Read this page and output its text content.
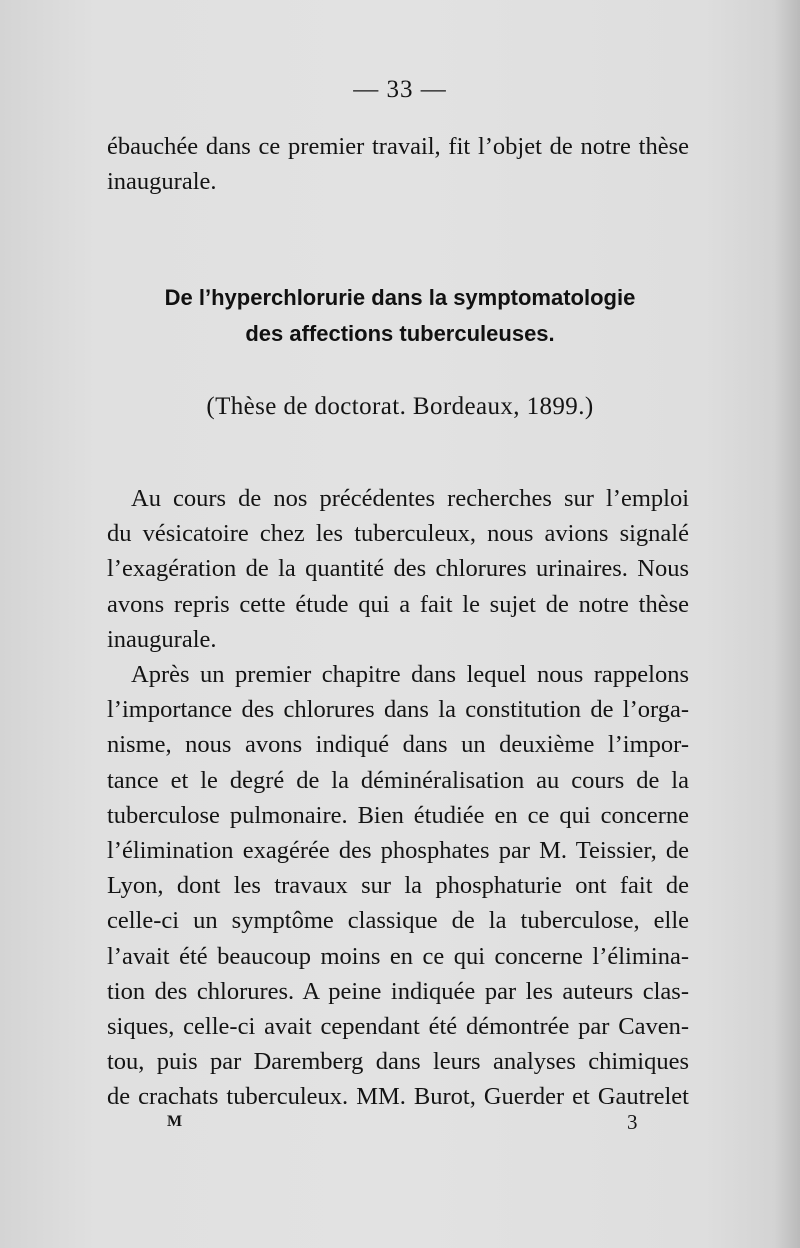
— 33 —
ébauchée dans ce premier travail, fit l’objet de notre thèse
inaugurale.
De l’hyperchlorurie dans la symptomatologie
des affections tuberculeuses.
(Thèse de doctorat. Bordeaux, 1899.)
Au cours de nos précédentes recherches sur l’emploi
du vésicatoire chez les tuberculeux, nous avions signalé
l’exagération de la quantité des chlorures urinaires. Nous
avons repris cette étude qui a fait le sujet de notre thèse
inaugurale.
Après un premier chapitre dans lequel nous rappelons
l’importance des chlorures dans la constitution de l’orga-
nisme, nous avons indiqué dans un deuxième l’impor-
tance et le degré de la déminéralisation au cours de la
tuberculose pulmonaire. Bien étudiée en ce qui concerne
l’élimination exagérée des phosphates par M. Teissier, de
Lyon, dont les travaux sur la phosphaturie ont fait de
celle-ci un symptôme classique de la tuberculose, elle
l’avait été beaucoup moins en ce qui concerne l’élimina-
tion des chlorures. A peine indiquée par les auteurs clas-
siques, celle-ci avait cependant été démontrée par Caven-
tou, puis par Daremberg dans leurs analyses chimiques
de crachats tuberculeux. MM. Burot, Guerder et Gautrelet
M	3
